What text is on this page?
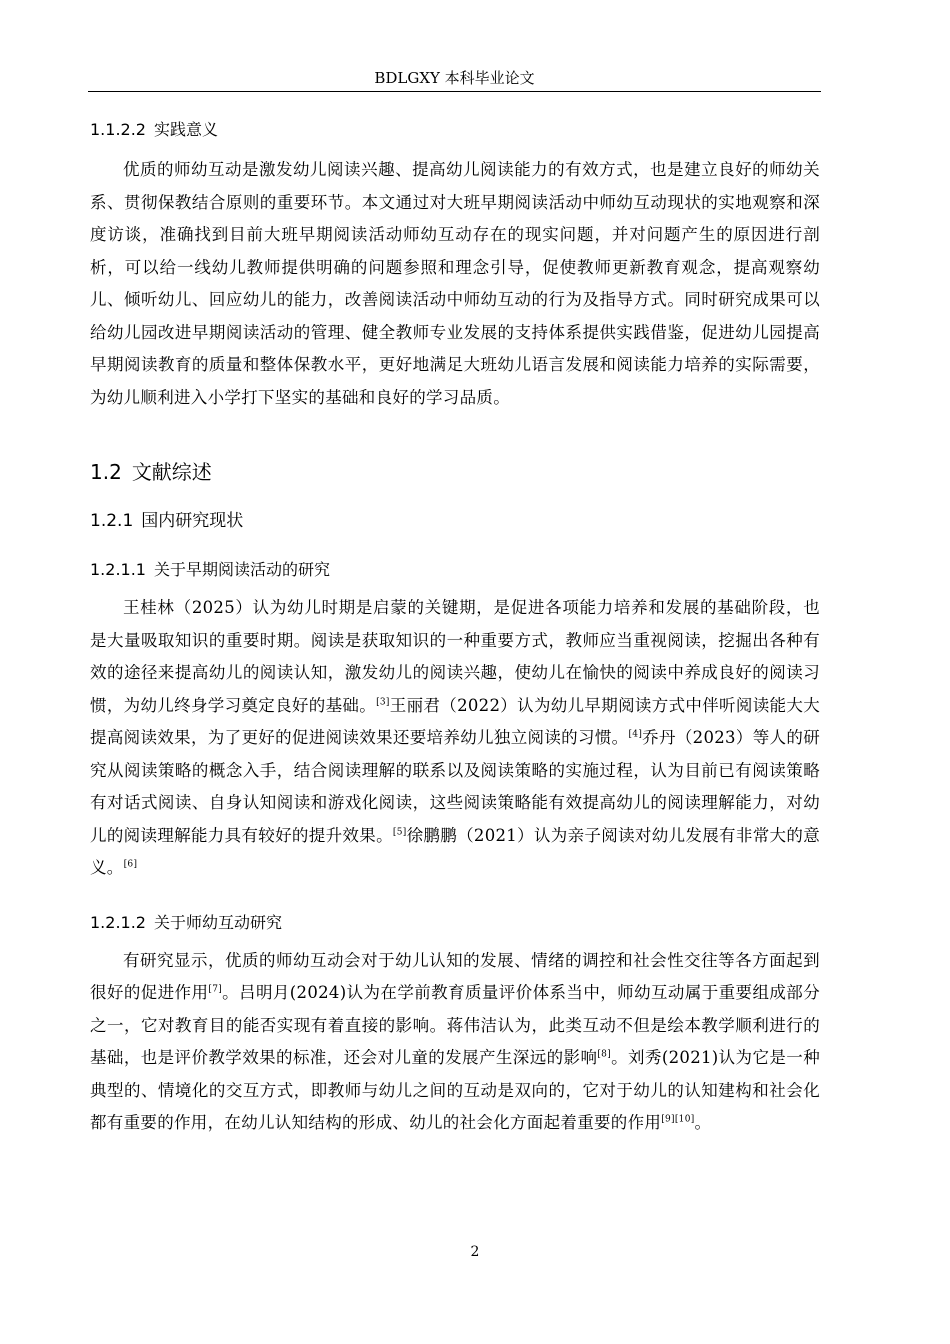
BDLGXY 本科毕业论文
1.1.2.2 实践意义

优质的师幼互动是激发幼儿阅读兴趣、提高幼儿阅读能力的有效方式，也是建立良好的师幼关系、贯彻保教结合原则的重要环节。本文通过对大班早期阅读活动中师幼互动现状的实地观察和深度访谈，准确找到目前大班早期阅读活动师幼互动存在的现实问题，并对问题产生的原因进行剖析，可以给一线幼儿教师提供明确的问题参照和理念引导，促使教师更新教育观念，提高观察幼儿、倾听幼儿、回应幼儿的能力，改善阅读活动中师幼互动的行为及指导方式。同时研究成果可以给幼儿园改进早期阅读活动的管理、健全教师专业发展的支持体系提供实践借鉴，促进幼儿园提高早期阅读教育的质量和整体保教水平，更好地满足大班幼儿语言发展和阅读能力培养的实际需要，为幼儿顺利进入小学打下坚实的基础和良好的学习品质。

1.2 文献综述
1.2.1 国内研究现状
1.2.1.1 关于早期阅读活动的研究

王桂林（2025）认为幼儿时期是启蒙的关键期，是促进各项能力培养和发展的基础阶段，也是大量吸取知识的重要时期。阅读是获取知识的一种重要方式，教师应当重视阅读，挖掘出各种有效的途径来提高幼儿的阅读认知，激发幼儿的阅读兴趣，使幼儿在愉快的阅读中养成良好的阅读习惯，为幼儿终身学习奠定良好的基础。[3]王丽君（2022）认为幼儿早期阅读方式中伴听阅读能大大提高阅读效果，为了更好的促进阅读效果还要培养幼儿独立阅读的习惯。[4]乔丹（2023）等人的研究从阅读策略的概念入手，结合阅读理解的联系以及阅读策略的实施过程，认为目前已有阅读策略有对话式阅读、自身认知阅读和游戏化阅读，这些阅读策略能有效提高幼儿的阅读理解能力，对幼儿的阅读理解能力具有较好的提升效果。[5]徐鹏鹏（2021）认为亲子阅读对幼儿发展有非常大的意义。[6]

1.2.1.2 关于师幼互动研究

有研究显示，优质的师幼互动会对于幼儿认知的发展、情绪的调控和社会性交往等各方面起到很好的促进作用[7]。吕明月(2024)认为在学前教育质量评价体系当中，师幼互动属于重要组成部分之一，它对教育目的能否实现有着直接的影响。蒋伟洁认为，此类互动不但是绘本教学顺利进行的基础，也是评价教学效果的标准，还会对儿童的发展产生深远的影响[8]。刘秀(2021)认为它是一种典型的、情境化的交互方式，即教师与幼儿之间的互动是双向的，它对于幼儿的认知建构和社会化都有重要的作用，在幼儿认知结构的形成、幼儿的社会化方面起着重要的作用[9][10]。

2
